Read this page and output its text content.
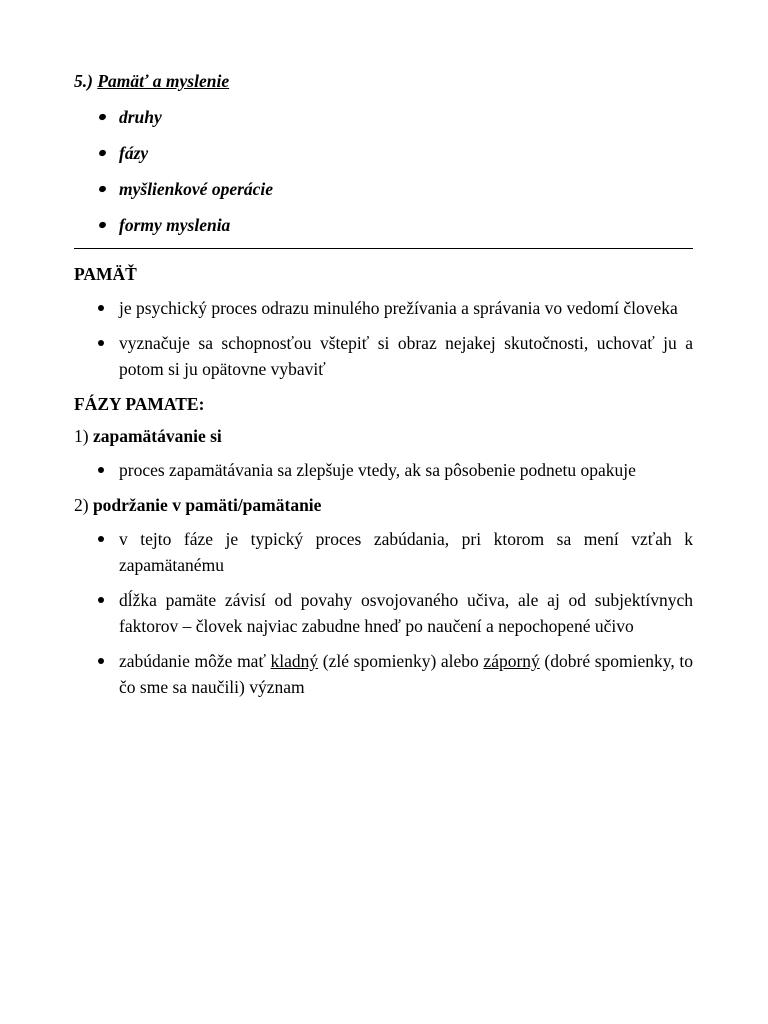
5.) Pamäť a myslenie

druhy
fázy
myšlienkové operácie
formy myslenia

PAMÄŤ

je psychický proces odrazu minulého prežívania a správania vo vedomí človeka
vyznačuje sa schopnosťou vštepiť si obraz nejakej skutočnosti, uchovať ju a potom si ju opätovne vybaviť

FÁZY PAMATE:

1) zapamätávanie si

proces zapamätávania sa zlepšuje vtedy, ak sa pôsobenie podnetu opakuje

2) podržanie v pamäti/pamätanie

v tejto fáze je typický proces zabúdania, pri ktorom sa mení vzťah k zapamätanému
dĺžka pamäte závisí od povahy osvojovaného učiva, ale aj od subjektívnych faktorov – človek najviac zabudne hneď po naučení a nepochopené učivo
zabúdanie môže mať kladný (zlé spomienky) alebo záporný (dobré spomienky, to čo sme sa naučili) význam
